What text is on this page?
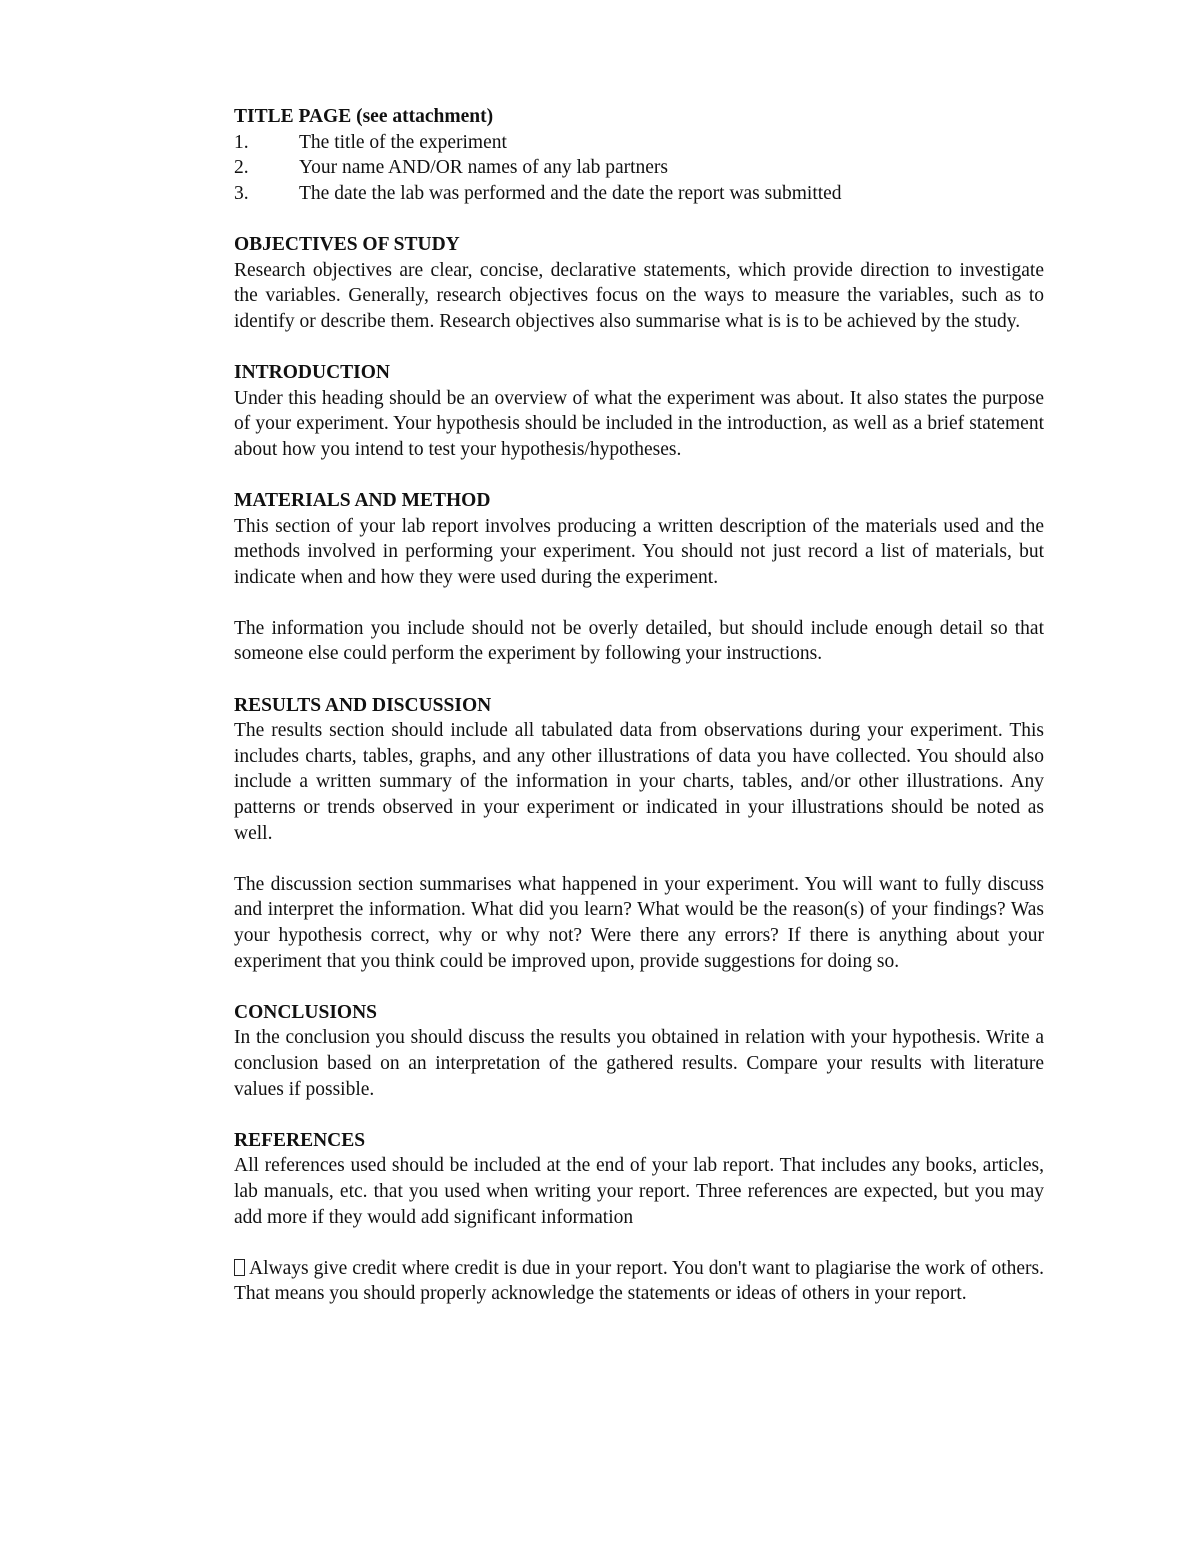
TITLE PAGE (see attachment)

1.	The title of the experiment
2.	Your name AND/OR names of any lab partners
3.	The date the lab was performed and the date the report was submitted

OBJECTIVES OF STUDY

Research objectives are clear, concise, declarative statements, which provide direction to investigate the variables. Generally, research objectives focus on the ways to measure the variables, such as to identify or describe them. Research objectives also summarise what is is to be achieved by the study.

INTRODUCTION

Under this heading should be an overview of what the experiment was about. It also states the purpose of your experiment. Your hypothesis should be included in the introduction, as well as a brief statement about how you intend to test your hypothesis/hypotheses.

MATERIALS AND METHOD

This section of your lab report involves producing a written description of the materials used and the methods involved in performing your experiment. You should not just record a list of materials, but indicate when and how they were used during the experiment.

The information you include should not be overly detailed, but should include enough detail so that someone else could perform the experiment by following your instructions.

RESULTS AND DISCUSSION

The results section should include all tabulated data from observations during your experiment. This includes charts, tables, graphs, and any other illustrations of data you have collected. You should also include a written summary of the information in your charts, tables, and/or other illustrations. Any patterns or trends observed in your experiment or indicated in your illustrations should be noted as well.

The discussion section summarises what happened in your experiment. You will want to fully discuss and interpret the information. What did you learn? What would be the reason(s) of your findings? Was your hypothesis correct, why or why not? Were there any errors? If there is anything about your experiment that you think could be improved upon, provide suggestions for doing so.

CONCLUSIONS

In the conclusion you should discuss the results you obtained in relation with your hypothesis. Write a conclusion based on an interpretation of the gathered results. Compare your results with literature values if possible.

REFERENCES

All references used should be included at the end of your lab report. That includes any books, articles, lab manuals, etc. that you used when writing your report. Three references are expected, but you may add more if they would add significant information

Always give credit where credit is due in your report. You don't want to plagiarise the work of others. That means you should properly acknowledge the statements or ideas of others in your report.
